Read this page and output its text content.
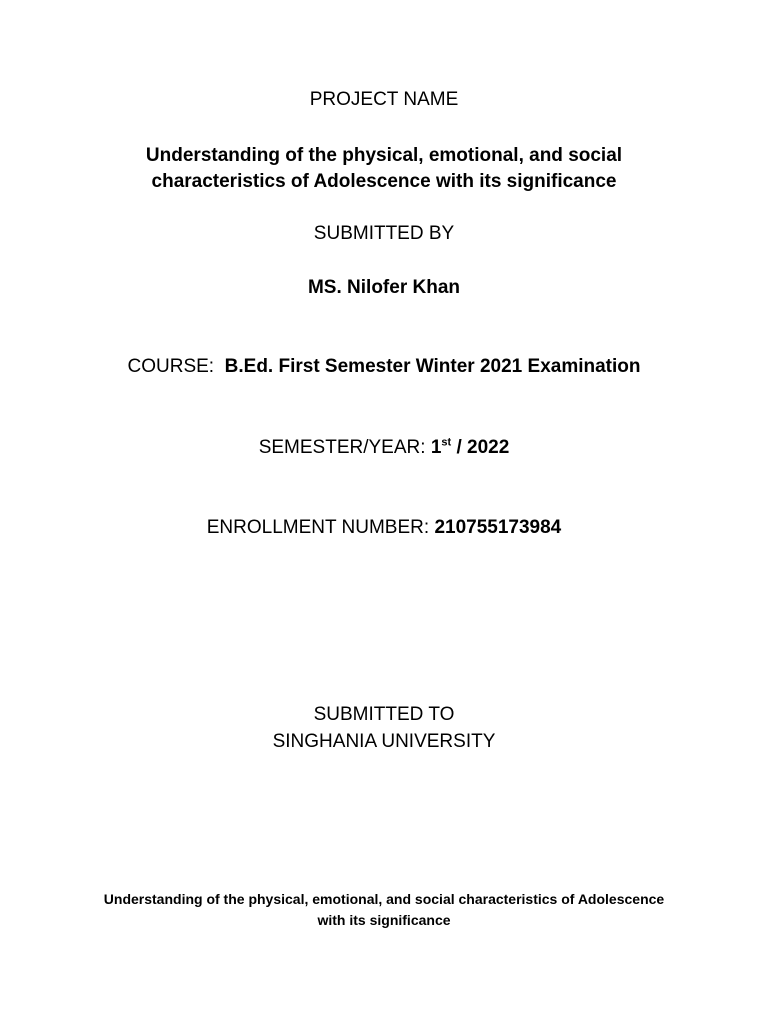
PROJECT NAME
Understanding of the physical, emotional, and social
characteristics of Adolescence with its significance
SUBMITTED BY
MS. Nilofer Khan
COURSE: B.Ed. First Semester Winter 2021 Examination
SEMESTER/YEAR: 1st / 2022
ENROLLMENT NUMBER: 210755173984
SUBMITTED TO
SINGHANIA UNIVERSITY
Understanding of the physical, emotional, and social characteristics of Adolescence
with its significance
